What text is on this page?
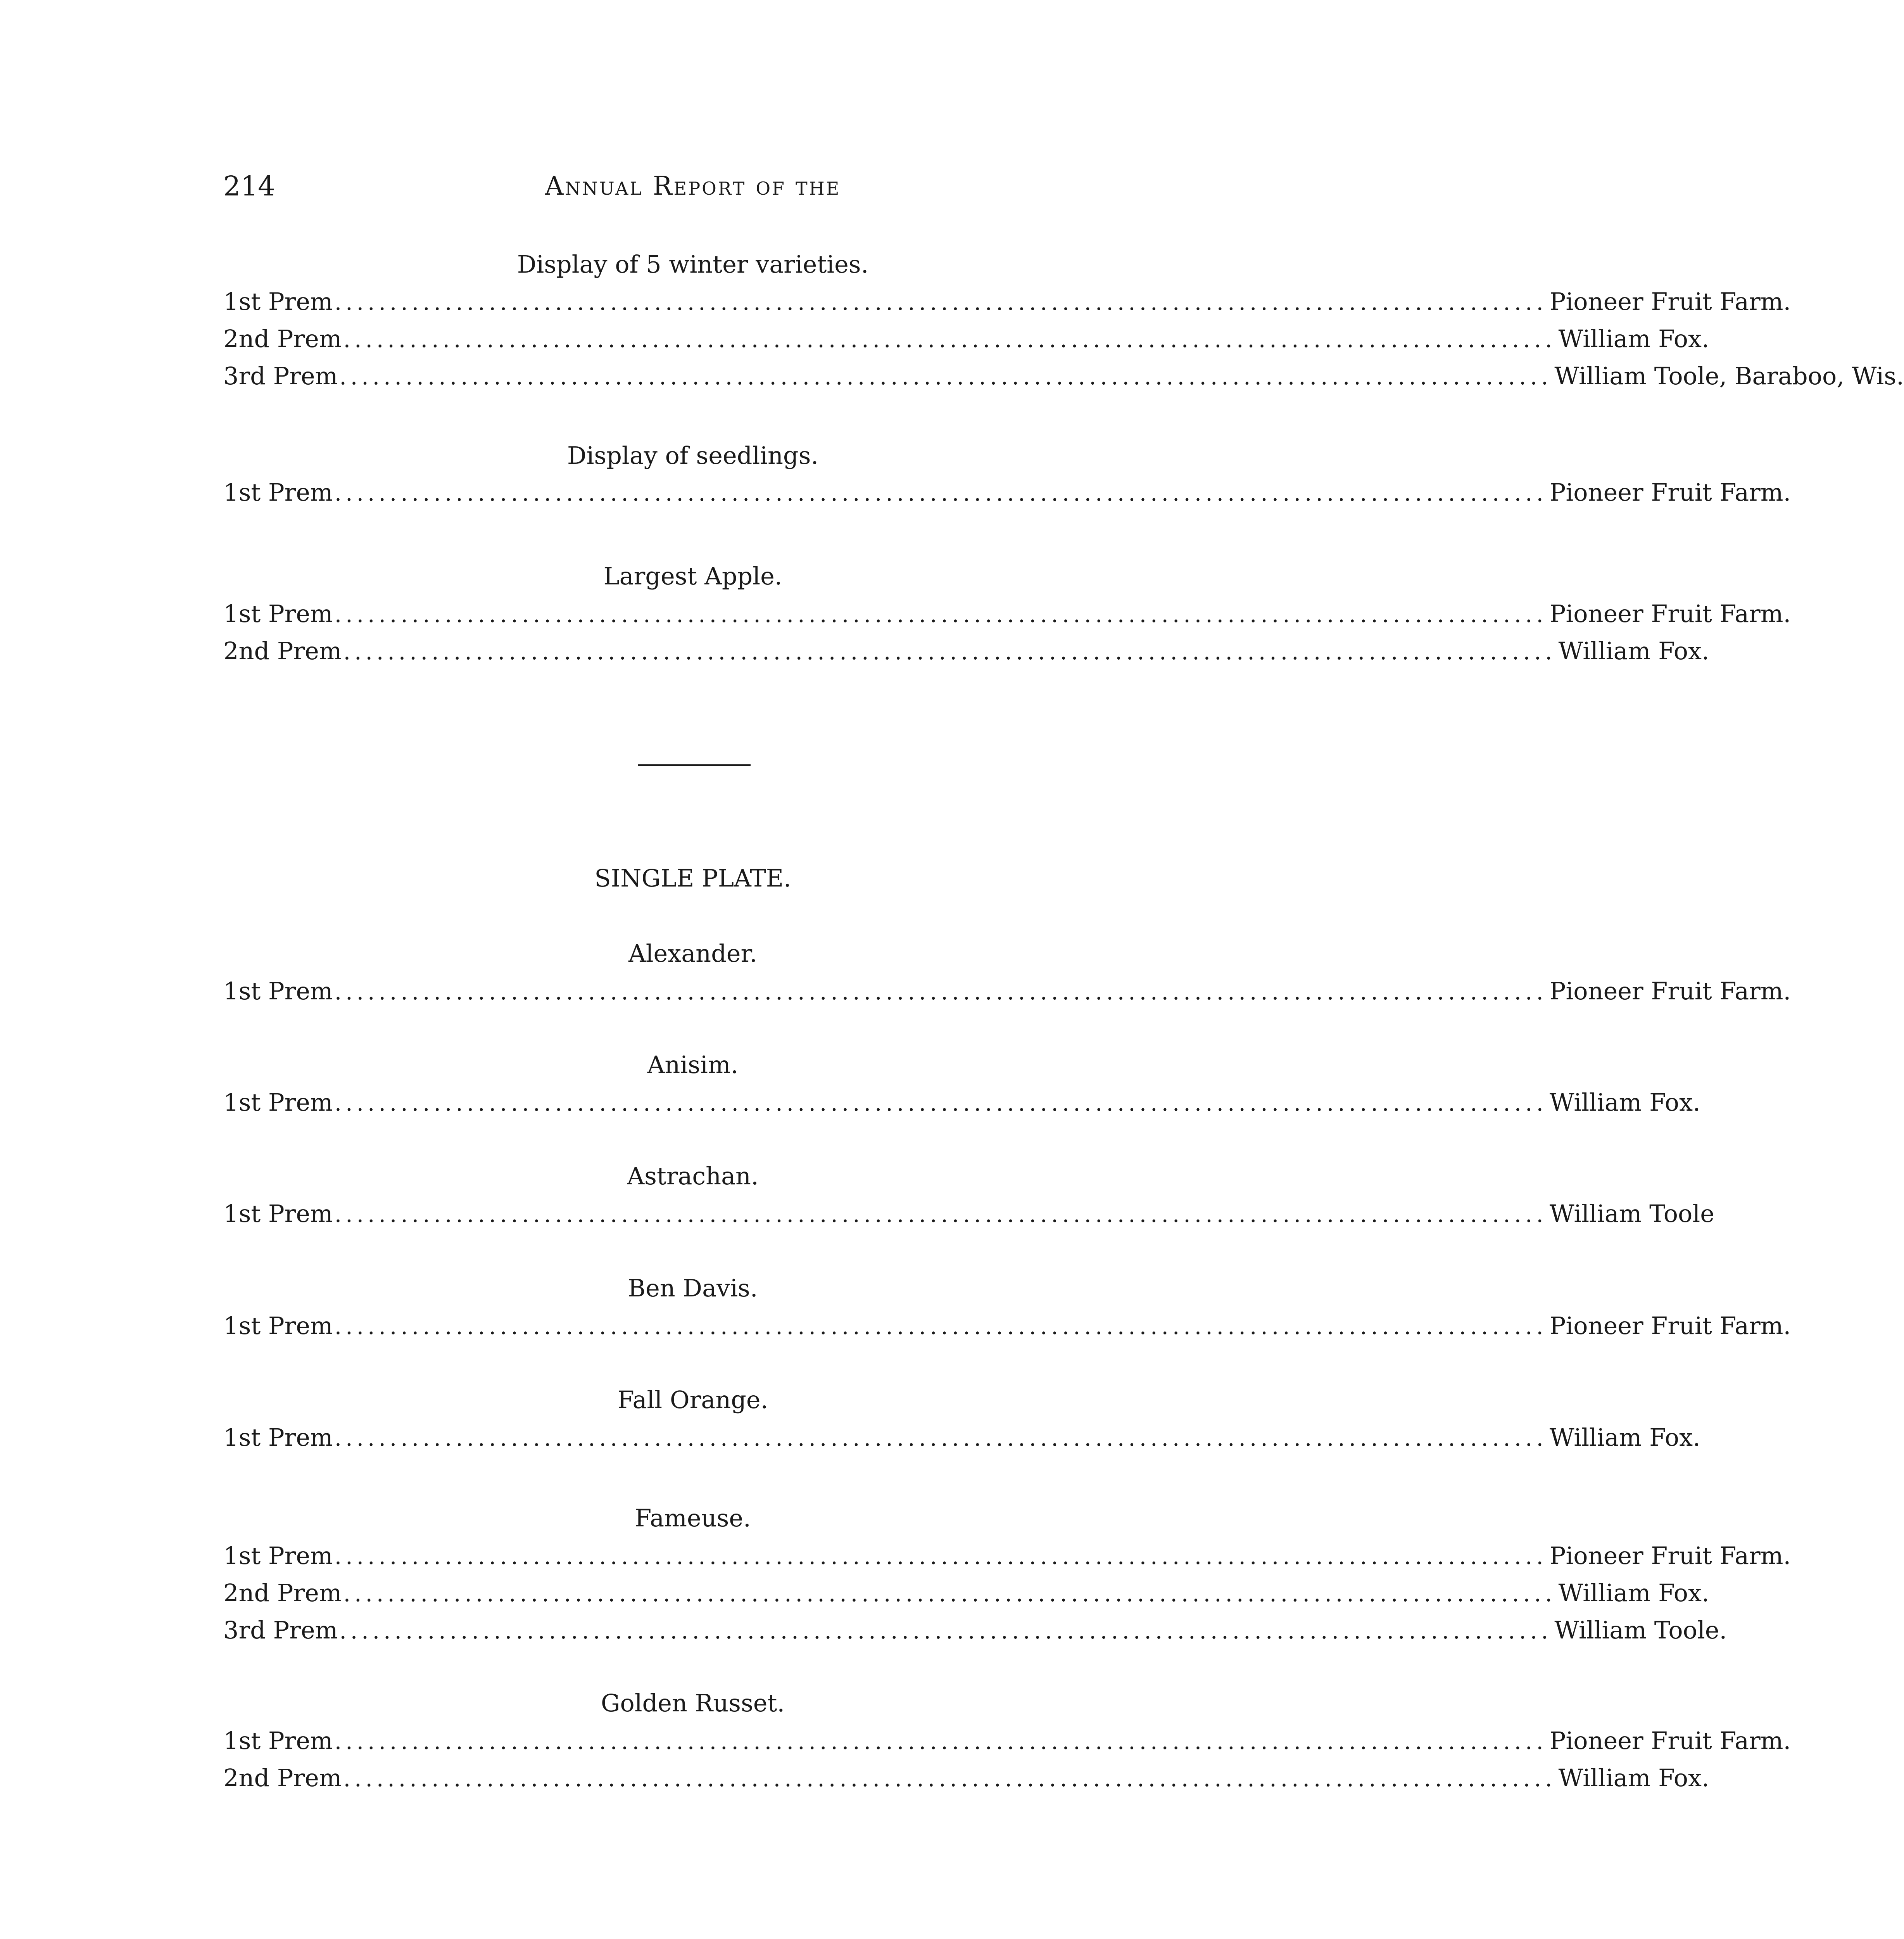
214	Annual Report of the
Display of 5 winter varieties.
1st Prem .............................................................................................................. Pioneer Fruit Farm.
2nd Prem .............................................................................................................. William Fox.
3rd Prem .............................................................................................................. William Toole, Baraboo, Wis.
Display of seedlings.
1st Prem .............................................................................................................. Pioneer Fruit Farm.
Largest Apple.
1st Prem .............................................................................................................. Pioneer Fruit Farm.
2nd Prem .............................................................................................................. William Fox.
SINGLE PLATE.
Alexander.
1st Prem .............................................................................................................. Pioneer Fruit Farm.
Anisim.
1st Prem .............................................................................................................. William Fox.
Astrachan.
1st Prem .............................................................................................................. William Toole
Ben Davis.
1st Prem .............................................................................................................. Pioneer Fruit Farm.
Fall Orange.
1st Prem .............................................................................................................. William Fox.
Fameuse.
1st Prem .............................................................................................................. Pioneer Fruit Farm.
2nd Prem .............................................................................................................. William Fox.
3rd Prem .............................................................................................................. William Toole.
Golden Russet.
1st Prem .............................................................................................................. Pioneer Fruit Farm.
2nd Prem .............................................................................................................. William Fox.
